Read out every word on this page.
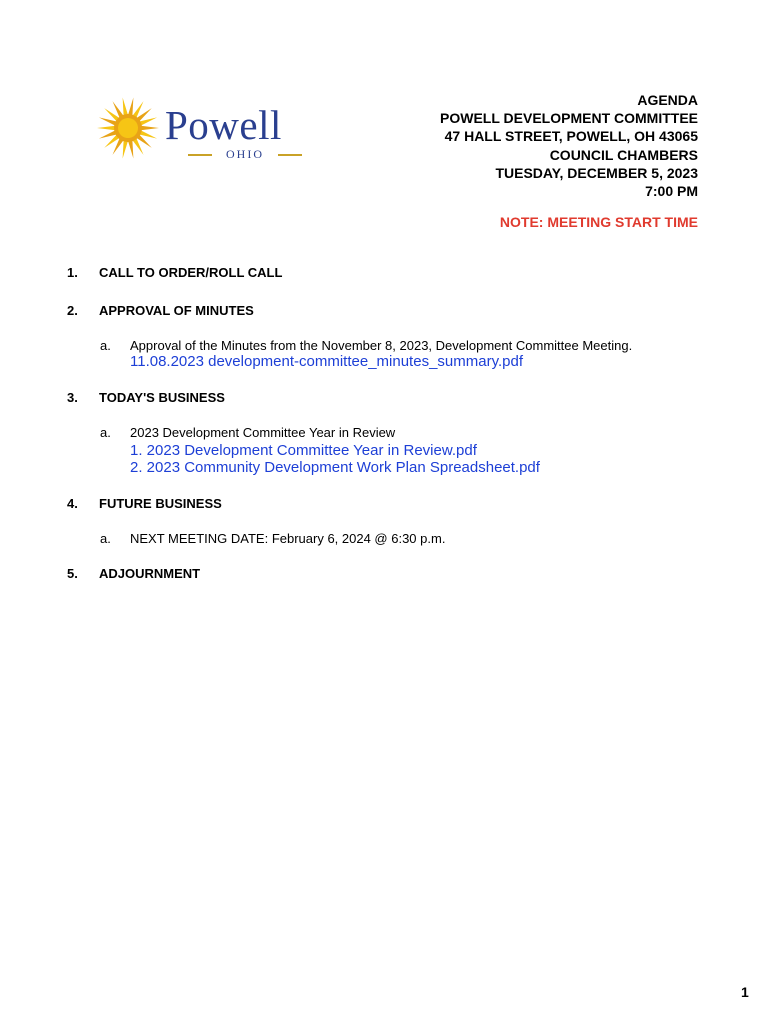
Powell
OHIO
AGENDA
POWELL DEVELOPMENT COMMITTEE
47 HALL STREET, POWELL, OH 43065
COUNCIL CHAMBERS
TUESDAY, DECEMBER 5, 2023
7:00 PM
NOTE: MEETING START TIME
1. CALL TO ORDER/ROLL CALL
2. APPROVAL OF MINUTES
a. Approval of the Minutes from the November 8, 2023, Development Committee Meeting.
11.08.2023 development-committee_minutes_summary.pdf
3. TODAY'S BUSINESS
a. 2023 Development Committee Year in Review
1. 2023 Development Committee Year in Review.pdf
2. 2023 Community Development Work Plan Spreadsheet.pdf
4. FUTURE BUSINESS
a. NEXT MEETING DATE: February 6, 2024 @ 6:30 p.m.
5. ADJOURNMENT
1
